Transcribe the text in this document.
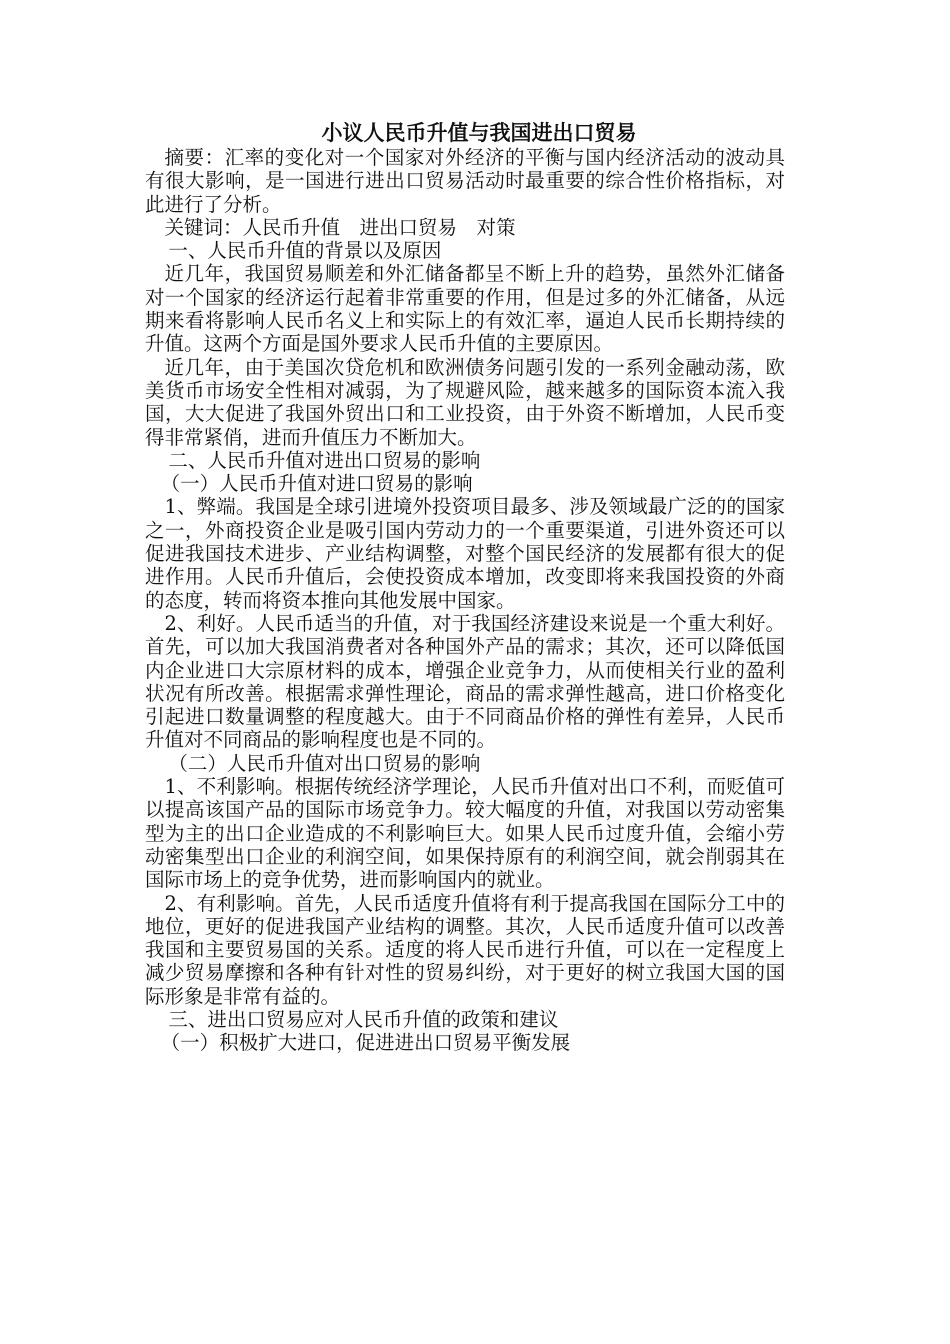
小议人民币升值与我国进出口贸易

摘要：汇率的变化对一个国家对外经济的平衡与国内经济活动的波动具有很大影响，是一国进行进出口贸易活动时最重要的综合性价格指标，对此进行了分析。

关键词：人民币升值　进出口贸易　对策

一、人民币升值的背景以及原因

近几年，我国贸易顺差和外汇储备都呈不断上升的趋势，虽然外汇储备对一个国家的经济运行起着非常重要的作用，但是过多的外汇储备，从远期来看将影响人民币名义上和实际上的有效汇率，逼迫人民币长期持续的升值。这两个方面是国外要求人民币升值的主要原因。

近几年，由于美国次贷危机和欧洲债务问题引发的一系列金融动荡，欧美货币市场安全性相对减弱，为了规避风险，越来越多的国际资本流入我国，大大促进了我国外贸出口和工业投资，由于外资不断增加，人民币变得非常紧俏，进而升值压力不断加大。

二、人民币升值对进出口贸易的影响

（一）人民币升值对进口贸易的影响

1、弊端。我国是全球引进境外投资项目最多、涉及领域最广泛的的国家之一，外商投资企业是吸引国内劳动力的一个重要渠道，引进外资还可以促进我国技术进步、产业结构调整，对整个国民经济的发展都有很大的促进作用。人民币升值后，会使投资成本增加，改变即将来我国投资的外商的态度，转而将资本推向其他发展中国家。

2、利好。人民币适当的升值，对于我国经济建设来说是一个重大利好。首先，可以加大我国消费者对各种国外产品的需求；其次，还可以降低国内企业进口大宗原材料的成本，增强企业竞争力，从而使相关行业的盈利状况有所改善。根据需求弹性理论，商品的需求弹性越高，进口价格变化引起进口数量调整的程度越大。由于不同商品价格的弹性有差异，人民币升值对不同商品的影响程度也是不同的。

（二）人民币升值对出口贸易的影响

1、不利影响。根据传统经济学理论，人民币升值对出口不利，而贬值可以提高该国产品的国际市场竞争力。较大幅度的升值，对我国以劳动密集型为主的出口企业造成的不利影响巨大。如果人民币过度升值，会缩小劳动密集型出口企业的利润空间，如果保持原有的利润空间，就会削弱其在国际市场上的竞争优势，进而影响国内的就业。

2、有利影响。首先，人民币适度升值将有利于提高我国在国际分工中的地位，更好的促进我国产业结构的调整。其次，人民币适度升值可以改善我国和主要贸易国的关系。适度的将人民币进行升值，可以在一定程度上减少贸易摩擦和各种有针对性的贸易纠纷，对于更好的树立我国大国的国际形象是非常有益的。

三、进出口贸易应对人民币升值的政策和建议

（一）积极扩大进口，促进进出口贸易平衡发展
